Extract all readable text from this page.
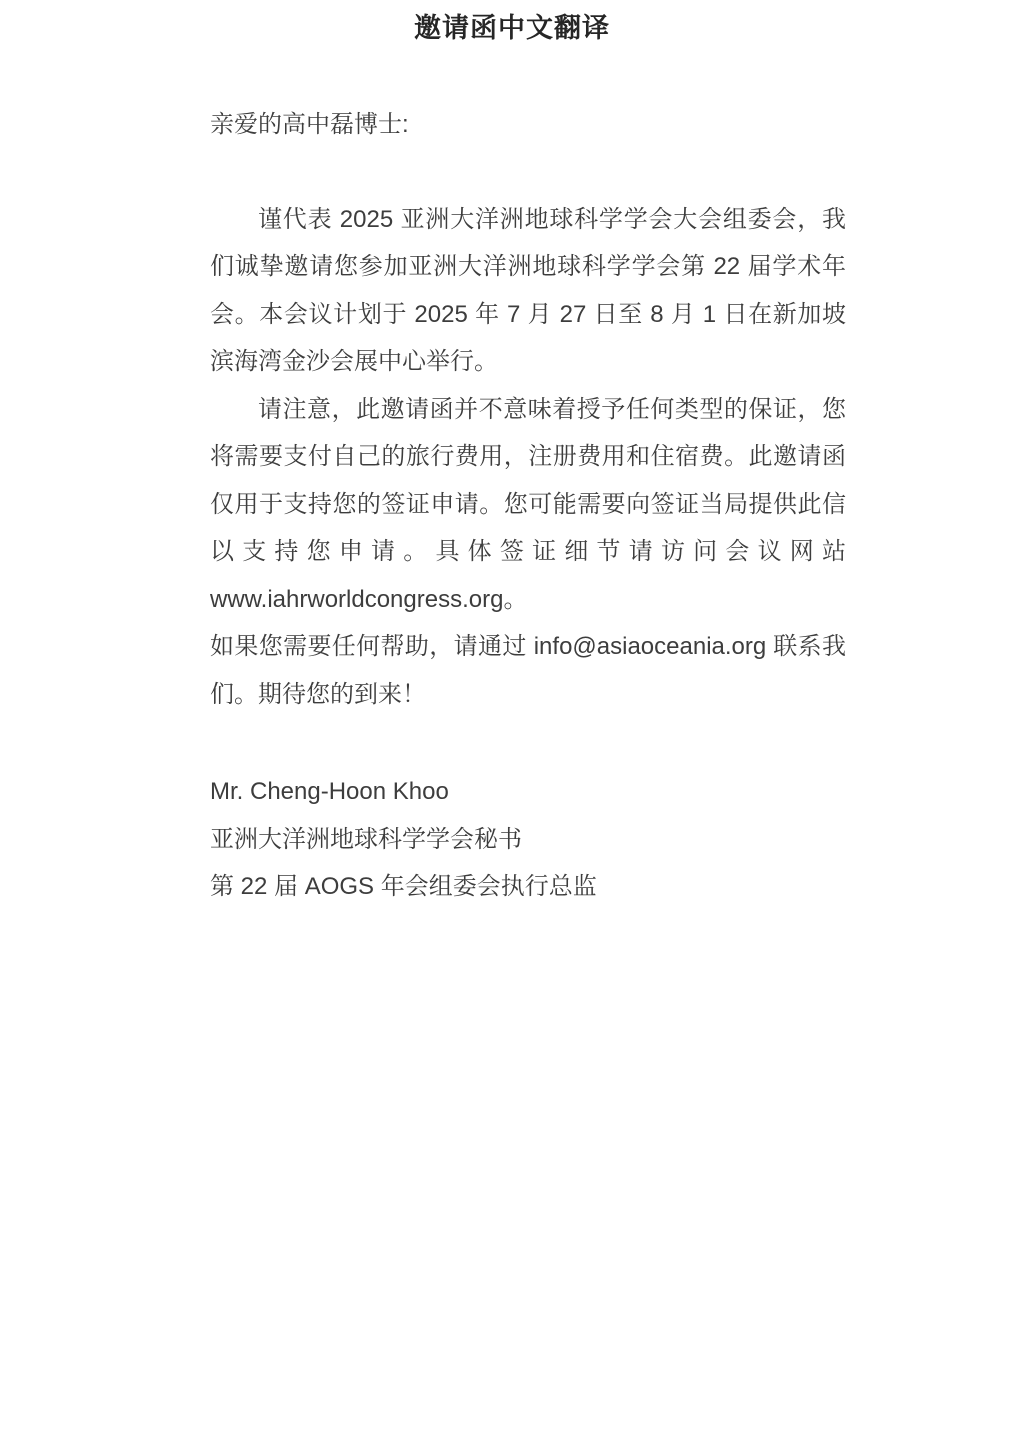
邀请函中文翻译

亲爱的高中磊博士:

谨代表 2025 亚洲大洋洲地球科学学会大会组委会，我们诚挚邀请您参加亚洲大洋洲地球科学学会第 22 届学术年会。本会议计划于 2025 年 7 月 27 日至 8 月 1 日在新加坡滨海湾金沙会展中心举行。

请注意，此邀请函并不意味着授予任何类型的保证，您将需要支付自己的旅行费用，注册费用和住宿费。此邀请函仅用于支持您的签证申请。您可能需要向签证当局提供此信以支持您申请。具体签证细节请访问会议网站 www.iahrworldcongress.org。

如果您需要任何帮助，请通过 info@asiaoceania.org 联系我们。期待您的到来！

Mr. Cheng-Hoon Khoo

亚洲大洋洲地球科学学会秘书

第 22 届 AOGS 年会组委会执行总监
